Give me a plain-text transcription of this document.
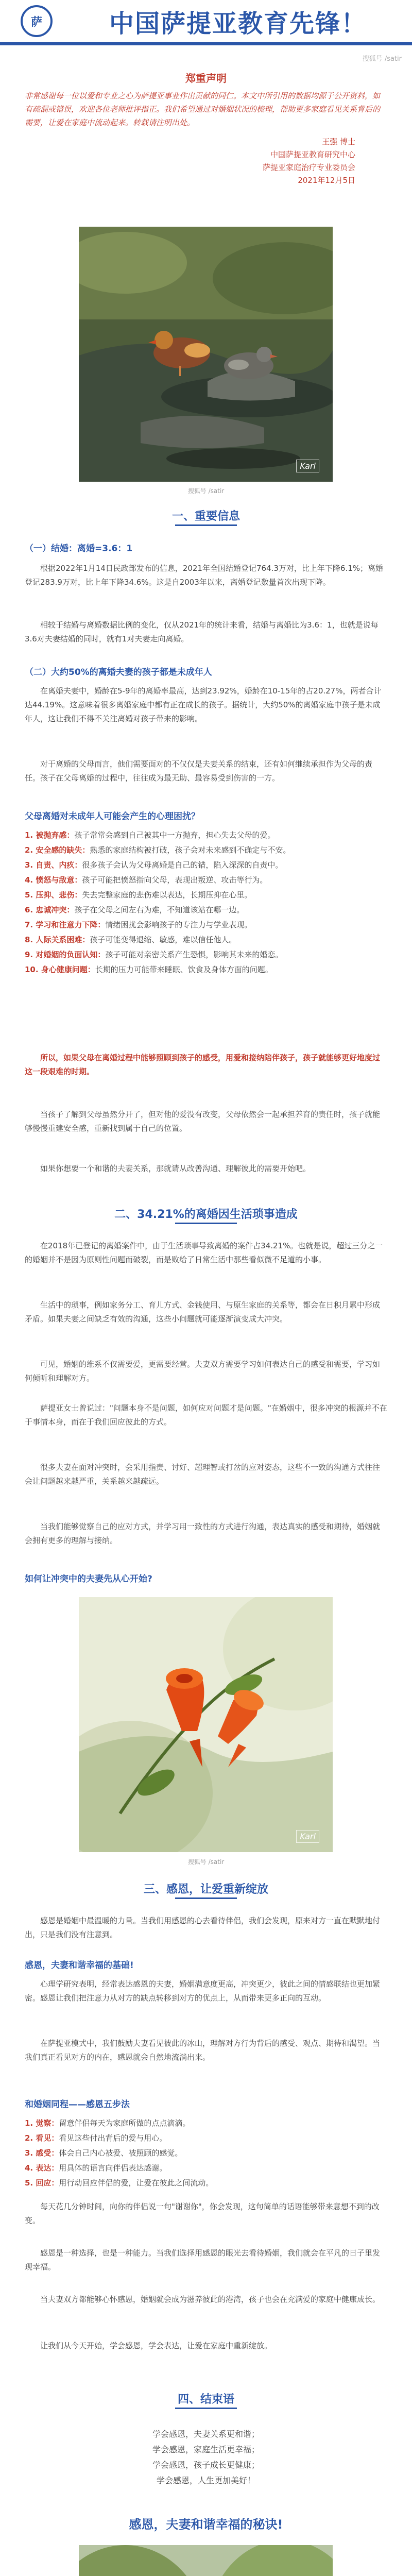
萨	中国萨提亚教育先锋！
搜狐号 /satir
郑重声明
非常感谢每一位以爱和专业之心为萨提亚事业作出贡献的同仁。本文中所引用的数据均源于公开资料，如有疏漏或错误，欢迎各位老师批评指正。我们希望通过对婚姻状况的梳理，帮助更多家庭看见关系背后的需要，让爱在家庭中流动起来。转载请注明出处。
王强 博士
中国萨提亚教育研究中心
萨提亚家庭治疗专业委员会
2021年12月5日
Karl
搜狐号 /satir
一、重要信息
（一）结婚：离婚=3.6：1
根据2022年1月14日民政部发布的信息，2021年全国结婚登记764.3万对，比上年下降6.1%；离婚登记283.9万对，比上年下降34.6%。这是自2003年以来，离婚登记数量首次出现下降。
相较于结婚与离婚数据比例的变化，仅从2021年的统计来看，结婚与离婚比为3.6：1，也就是说每3.6对夫妻结婚的同时，就有1对夫妻走向离婚。
（二）大约50%的离婚夫妻的孩子都是未成年人
在离婚夫妻中，婚龄在5-9年的离婚率最高，达到23.92%，婚龄在10-15年的占20.27%，两者合计达44.19%。这意味着很多离婚家庭中都有正在成长的孩子。据统计，大约50%的离婚家庭中孩子是未成年人，这让我们不得不关注离婚对孩子带来的影响。
对于离婚的父母而言，他们需要面对的不仅仅是夫妻关系的结束，还有如何继续承担作为父母的责任。孩子在父母离婚的过程中，往往成为最无助、最容易受到伤害的一方。
父母离婚对未成年人可能会产生的心理困扰？
1. 被抛弃感：孩子常常会感到自己被其中一方抛弃，担心失去父母的爱。
2. 安全感的缺失：熟悉的家庭结构被打破，孩子会对未来感到不确定与不安。
3. 自责、内疚：很多孩子会认为父母离婚是自己的错，陷入深深的自责中。
4. 愤怒与敌意：孩子可能把愤怒指向父母，表现出叛逆、攻击等行为。
5. 压抑、悲伤：失去完整家庭的悲伤难以表达，长期压抑在心里。
6. 忠诚冲突：孩子在父母之间左右为难，不知道该站在哪一边。
7. 学习和注意力下降：情绪困扰会影响孩子的专注力与学业表现。
8. 人际关系困难：孩子可能变得退缩、敏感，难以信任他人。
9. 对婚姻的负面认知：孩子可能对亲密关系产生恐惧，影响其未来的婚恋。
10. 身心健康问题：长期的压力可能带来睡眠、饮食及身体方面的问题。
所以，如果父母在离婚过程中能够照顾到孩子的感受，用爱和接纳陪伴孩子，孩子就能够更好地度过这一段艰难的时期。
当孩子了解到父母虽然分开了，但对他的爱没有改变，父母依然会一起承担养育的责任时，孩子就能够慢慢重建安全感，重新找到属于自己的位置。
如果你想要一个和谐的夫妻关系，那就请从改善沟通、理解彼此的需要开始吧。
二、34.21%的离婚因生活琐事造成
在2018年已登记的离婚案件中，由于生活琐事导致离婚的案件占34.21%。也就是说，超过三分之一的婚姻并不是因为原则性问题而破裂，而是败给了日常生活中那些看似微不足道的小事。
生活中的琐事，例如家务分工、育儿方式、金钱使用、与原生家庭的关系等，都会在日积月累中形成矛盾。如果夫妻之间缺乏有效的沟通，这些小问题就可能逐渐演变成大冲突。
可见，婚姻的维系不仅需要爱，更需要经营。夫妻双方需要学习如何表达自己的感受和需要，学习如何倾听和理解对方。
萨提亚女士曾说过："问题本身不是问题，如何应对问题才是问题。"在婚姻中，很多冲突的根源并不在于事情本身，而在于我们回应彼此的方式。
很多夫妻在面对冲突时，会采用指责、讨好、超理智或打岔的应对姿态，这些不一致的沟通方式往往会让问题越来越严重，关系越来越疏远。
当我们能够觉察自己的应对方式，并学习用一致性的方式进行沟通，表达真实的感受和期待，婚姻就会拥有更多的理解与接纳。
如何让冲突中的夫妻先从心开始?
Karl
搜狐号 /satir
三、感恩，让爱重新绽放
感恩是婚姻中最温暖的力量。当我们用感恩的心去看待伴侣，我们会发现，原来对方一直在默默地付出，只是我们没有注意到。
感恩，夫妻和谐幸福的基础!
心理学研究表明，经常表达感恩的夫妻，婚姻满意度更高，冲突更少，彼此之间的情感联结也更加紧密。感恩让我们把注意力从对方的缺点转移到对方的优点上，从而带来更多正向的互动。
在萨提亚模式中，我们鼓励夫妻看见彼此的冰山，理解对方行为背后的感受、观点、期待和渴望。当我们真正看见对方的内在，感恩就会自然地流淌出来。
和婚姻同程——感恩五步法
1. 觉察：留意伴侣每天为家庭所做的点点滴滴。
2. 看见：看见这些付出背后的爱与用心。
3. 感受：体会自己内心被爱、被照顾的感觉。
4. 表达：用具体的语言向伴侣表达感谢。
5. 回应：用行动回应伴侣的爱，让爱在彼此之间流动。
每天花几分钟时间，向你的伴侣说一句"谢谢你"，你会发现，这句简单的话语能够带来意想不到的改变。
感恩是一种选择，也是一种能力。当我们选择用感恩的眼光去看待婚姻，我们就会在平凡的日子里发现幸福。
当夫妻双方都能够心怀感恩，婚姻就会成为滋养彼此的港湾，孩子也会在充满爱的家庭中健康成长。
让我们从今天开始，学会感恩，学会表达，让爱在家庭中重新绽放。
四、结束语
学会感恩，夫妻关系更和谐；
学会感恩，家庭生活更幸福；
学会感恩，孩子成长更健康；
学会感恩，人生更加美好！
感恩，夫妻和谐幸福的秘诀!
